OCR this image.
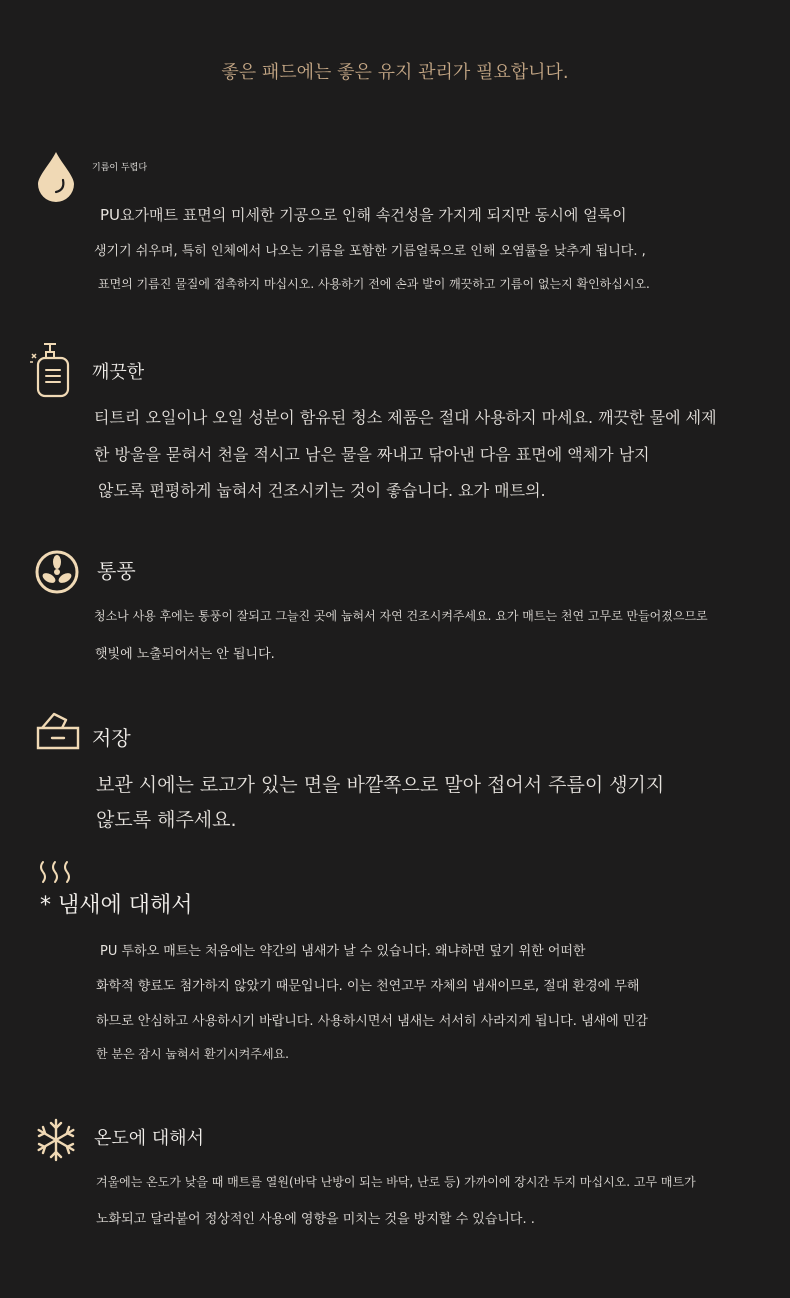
좋은 패드에는 좋은 유지 관리가 필요합니다.
기름이 두렵다
PU요가매트 표면의 미세한 기공으로 인해 속건성을 가지게 되지만 동시에 얼룩이
생기기 쉬우며, 특히 인체에서 나오는 기름을 포함한 기름얼룩으로 인해 오염률을 낮추게 됩니다. ,
표면의 기름진 물질에 접촉하지 마십시오. 사용하기 전에 손과 발이 깨끗하고 기름이 없는지 확인하십시오.
깨끗한
티트리 오일이나 오일 성분이 함유된 청소 제품은 절대 사용하지 마세요. 깨끗한 물에 세제
한 방울을 묻혀서 천을 적시고 남은 물을 짜내고 닦아낸 다음 표면에 액체가 남지
않도록 편평하게 눕혀서 건조시키는 것이 좋습니다. 요가 매트의.
통풍
청소나 사용 후에는 통풍이 잘되고 그늘진 곳에 눕혀서 자연 건조시켜주세요. 요가 매트는 천연 고무로 만들어졌으므로
햇빛에 노출되어서는 안 됩니다.
저장
보관 시에는 로고가 있는 면을 바깥쪽으로 말아 접어서 주름이 생기지
않도록 해주세요.
* 냄새에 대해서
PU 투하오 매트는 처음에는 약간의 냄새가 날 수 있습니다. 왜냐하면 덮기 위한 어떠한
화학적 향료도 첨가하지 않았기 때문입니다. 이는 천연고무 자체의 냄새이므로, 절대 환경에 무해
하므로 안심하고 사용하시기 바랍니다. 사용하시면서 냄새는 서서히 사라지게 됩니다. 냄새에 민감
한 분은 잠시 눕혀서 환기시켜주세요.
온도에 대해서
겨울에는 온도가 낮을 때 매트를 열원(바닥 난방이 되는 바닥, 난로 등) 가까이에 장시간 두지 마십시오. 고무 매트가
노화되고 달라붙어 정상적인 사용에 영향을 미치는 것을 방지할 수 있습니다. .
